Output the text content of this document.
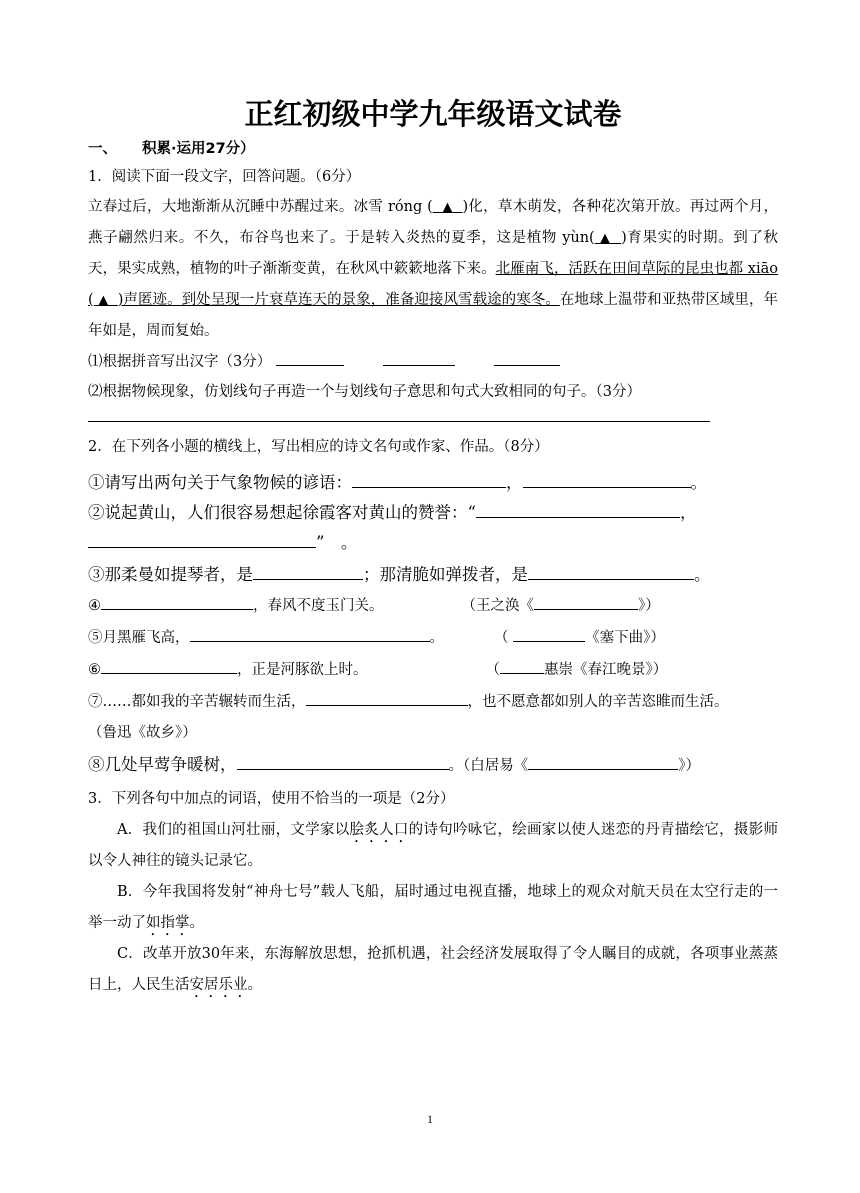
正红初级中学九年级语文试卷
一、 积累·运用27分）
1．阅读下面一段文字，回答问题。（6分）
立春过后，大地渐渐从沉睡中苏醒过来。冰雪 róng ( ▲ )化，草木萌发，各种花次第开放。再过两个月，燕子翩然归来。不久，布谷鸟也来了。于是转入炎热的夏季，这是植物 yùn( ▲ )育果实的时期。到了秋天，果实成熟，植物的叶子渐渐变黄，在秋风中簌簌地落下来。北雁南飞，活跃在田间草际的昆虫也都 xiāo ( ▲ )声匿迹。到处呈现一片衰草连天的景象，准备迎接风雪载途的寒冬。在地球上温带和亚热带区域里，年年如是，周而复始。
⑴根据拼音写出汉字（3分）
⑵根据物候现象，仿划线句子再造一个与划线句子意思和句式大致相同的句子。（3分）
2．在下列各小题的横线上，写出相应的诗文名句或作家、作品。（8分）
①请写出两句关于气象物候的谚语：	，	。
②说起黄山，人们很容易想起徐霞客对黄山的赞誉：“	，
”　。
③那柔曼如提琴者，是	；那清脆如弹拨者，是	。
④	，春风不度玉门关。	（王之涣《	》）
⑤月黑雁飞高，	。	（	《塞下曲》）
⑥	，正是河豚欲上时。	（	惠崇《春江晚景》）
⑦……都如我的辛苦辗转而生活，	，也不愿意都如别人的辛苦恣睢而生活。
（鲁迅《故乡》）
⑧几处早莺争暖树，	。（白居易《	》）
3．下列各句中加点的词语，使用不恰当的一项是（2分）
A．我们的祖国山河壮丽，文学家以脍炙人口的诗句吟咏它，绘画家以使人迷恋的丹青描绘它，摄影师以令人神往的镜头记录它。
B．今年我国将发射“神舟七号”载人飞船，届时通过电视直播，地球上的观众对航天员在太空行走的一举一动了如指掌。
C．改革开放30年来，东海解放思想，抢抓机遇，社会经济发展取得了令人瞩目的成就，各项事业蒸蒸日上，人民生活安居乐业。
1
